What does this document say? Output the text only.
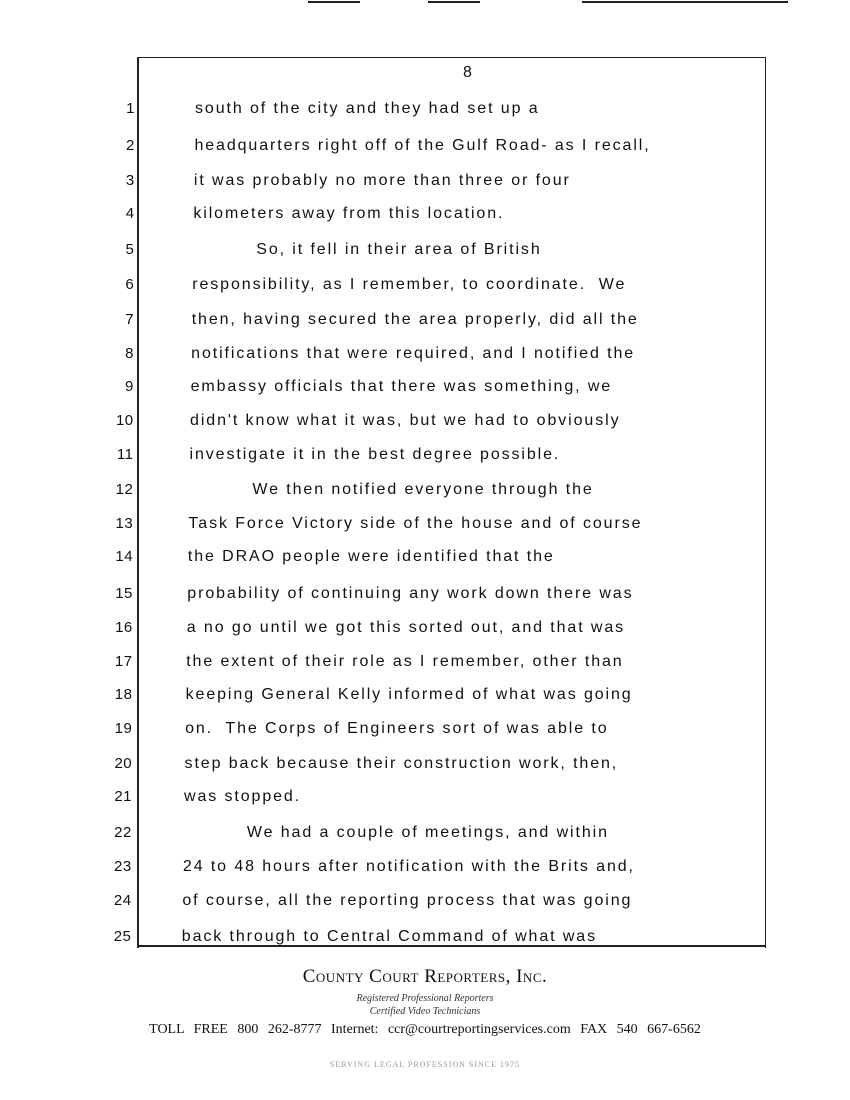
8
1	south of the city and they had set up a
2	headquarters right off of the Gulf Road- as I recall,
3	it was probably no more than three or four
4	kilometers away from this location.
5	So, it fell in their area of British
6	responsibility, as I remember, to coordinate.  We
7	then, having secured the area properly, did all the
8	notifications that were required, and I notified the
9	embassy officials that there was something, we
10	didn't know what it was, but we had to obviously
11	investigate it in the best degree possible.
12	We then notified everyone through the
13	Task Force Victory side of the house and of course
14	the DRAO people were identified that the
15	probability of continuing any work down there was
16	a no go until we got this sorted out, and that was
17	the extent of their role as I remember, other than
18	keeping General Kelly informed of what was going
19	on.  The Corps of Engineers sort of was able to
20	step back because their construction work, then,
21	was stopped.
22	We had a couple of meetings, and within
23	24 to 48 hours after notification with the Brits and,
24	of course, all the reporting process that was going
25	back through to Central Command of what was
County Court Reporters, Inc.
Registered Professional Reporters
Certified Video Technicians
TOLL FREE 800 262-8777 Internet: ccr@courtreportingservices.com FAX 540 667-6562
SERVING LEGAL PROFESSION SINCE 1975
